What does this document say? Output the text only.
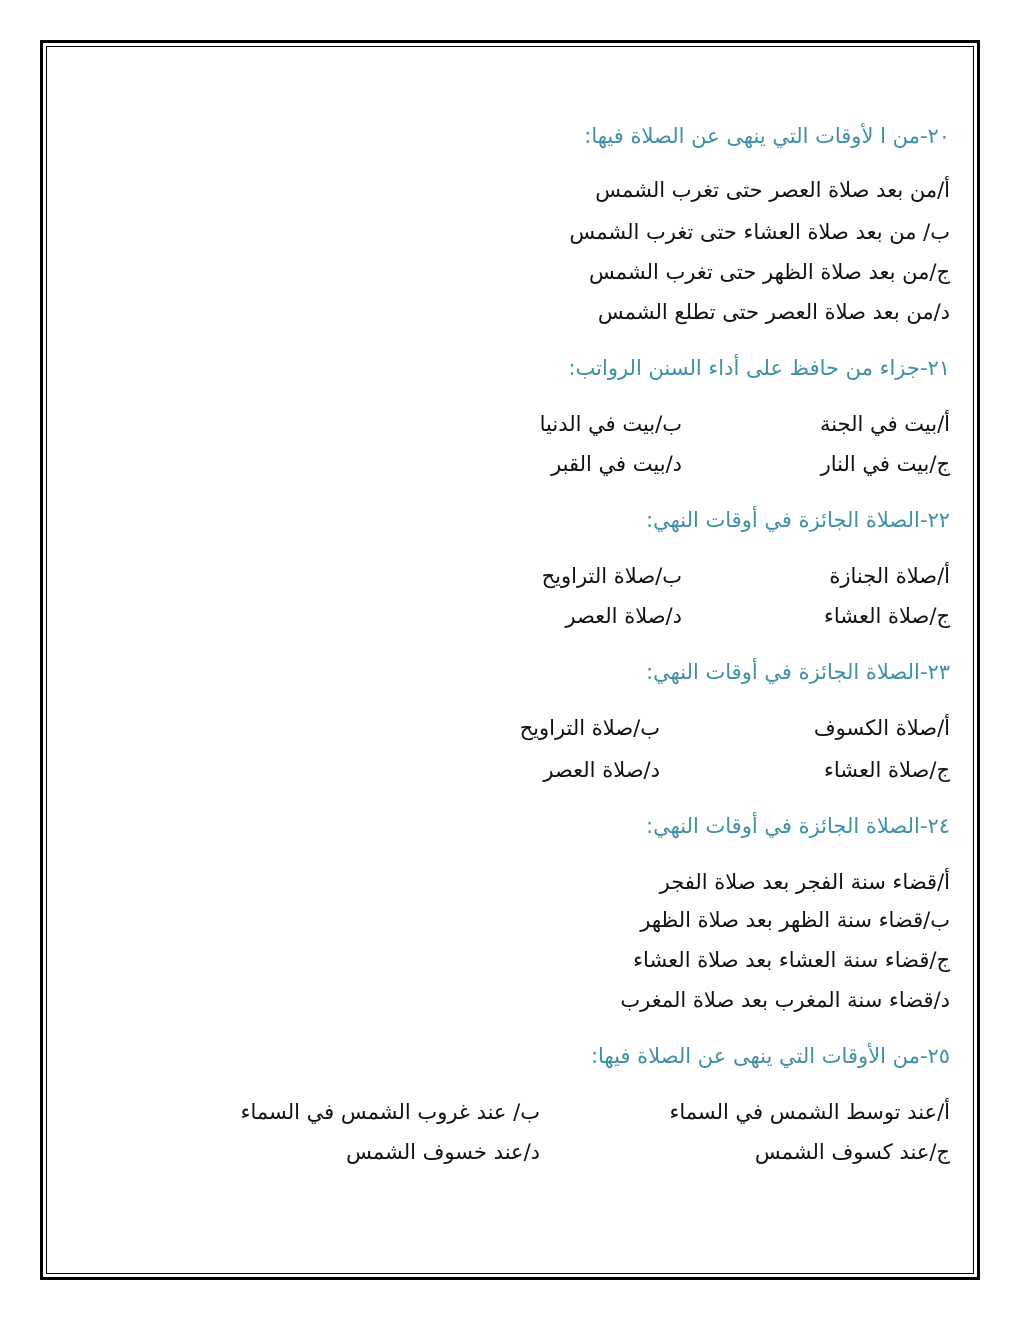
٢٠-من ا لأوقات التي ينهى عن الصلاة فيها:
أ/من بعد صلاة العصر حتى تغرب الشمس
ب/ من بعد صلاة العشاء حتى تغرب الشمس
ج/من بعد صلاة الظهر حتى تغرب الشمس
د/من بعد صلاة العصر حتى تطلع الشمس
٢١-جزاء من حافظ على أداء السنن الرواتب:
أ/بيت في الجنةب/بيت في الدنيا
ج/بيت في النارد/بيت في القبر
٢٢-الصلاة الجائزة في أوقات النهي:
أ/صلاة الجنازةب/صلاة التراويح
ج/صلاة العشاءد/صلاة العصر
٢٣-الصلاة الجائزة في أوقات النهي:
أ/صلاة الكسوفب/صلاة التراويح
ج/صلاة العشاءد/صلاة العصر
٢٤-الصلاة الجائزة في أوقات النهي:
أ/قضاء سنة الفجر بعد صلاة الفجر
ب/قضاء سنة الظهر بعد صلاة الظهر
ج/قضاء سنة العشاء بعد صلاة العشاء
د/قضاء سنة المغرب بعد صلاة المغرب
٢٥-من الأوقات التي ينهى عن الصلاة فيها:
أ/عند توسط الشمس في السماءب/ عند غروب الشمس في السماء
ج/عند كسوف الشمسد/عند خسوف الشمس
